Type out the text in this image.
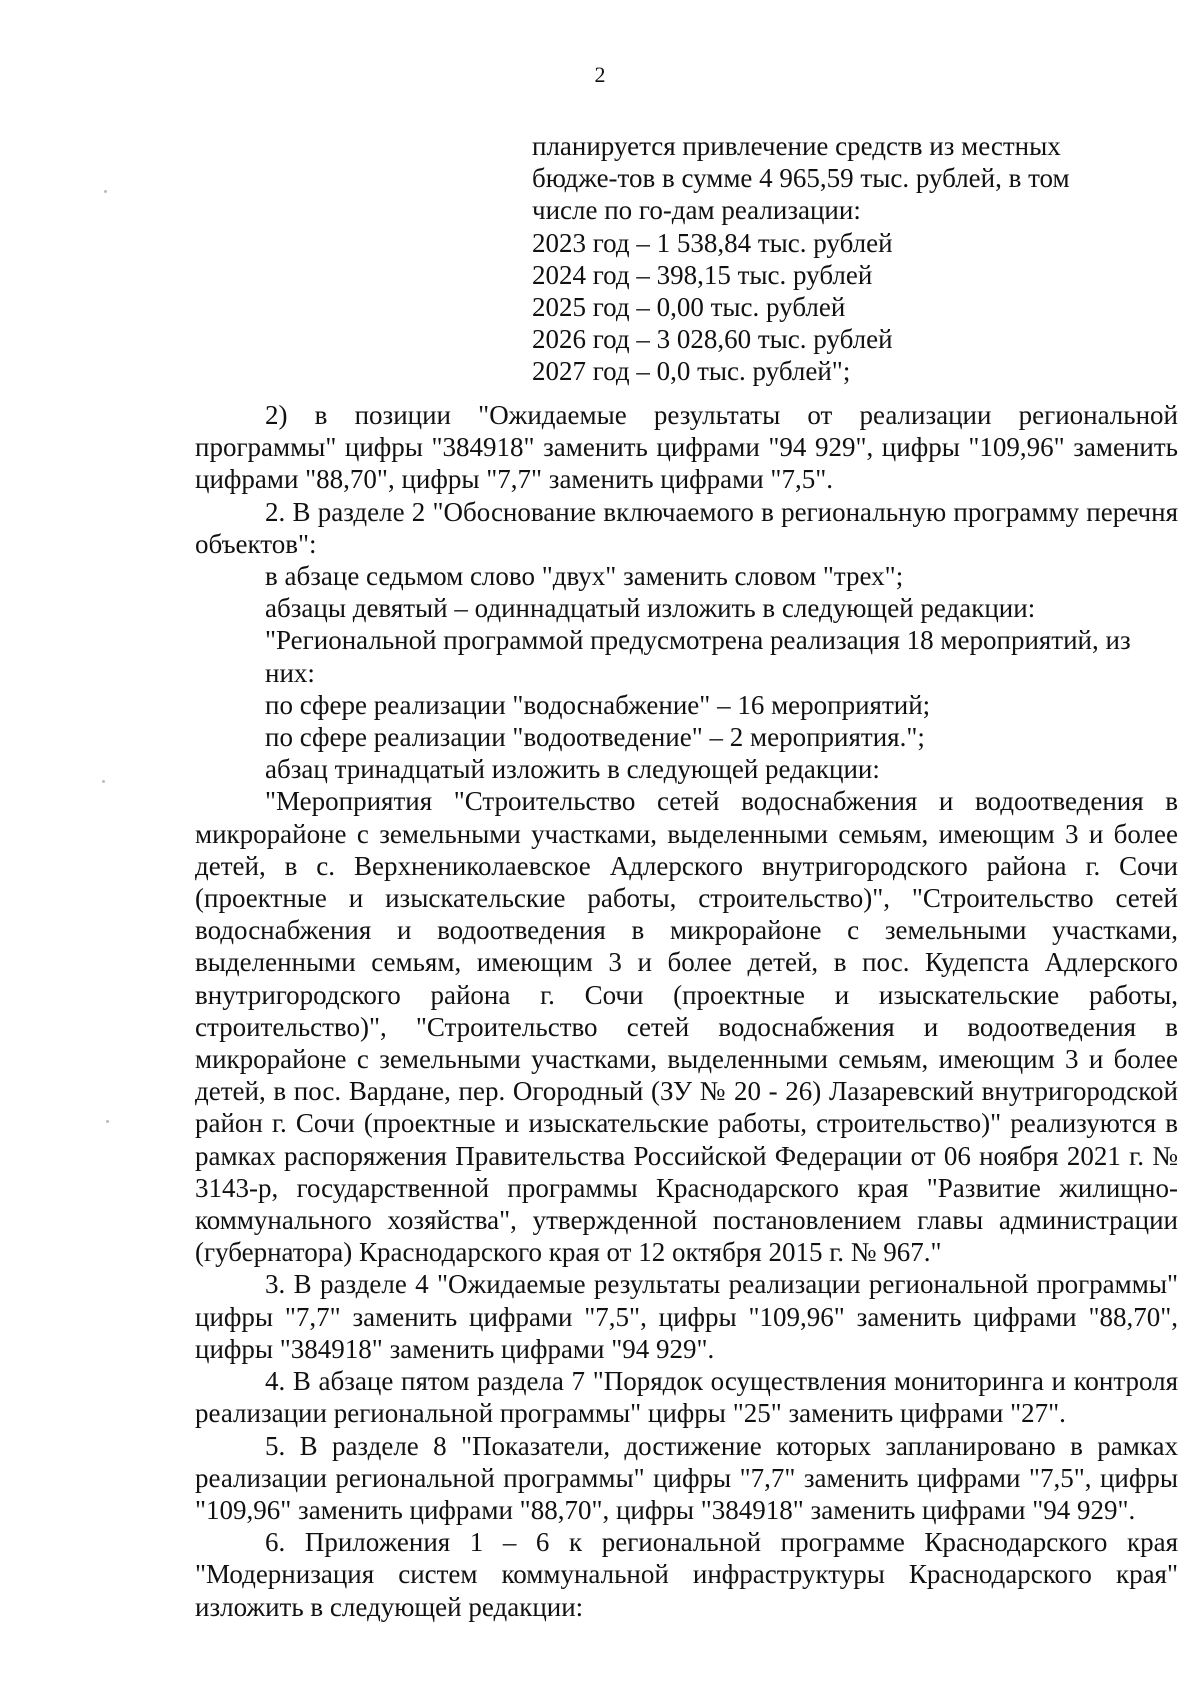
2

планируется привлечение средств из местных бюдже-тов в сумме 4 965,59 тыс. рублей, в том числе по го-дам реализации:

2023 год – 1 538,84 тыс. рублей

2024 год – 398,15 тыс. рублей

2025 год – 0,00 тыс. рублей

2026 год – 3 028,60 тыс. рублей

2027 год – 0,0 тыс. рублей";

2) в позиции "Ожидаемые результаты от реализации региональной программы" цифры "384918" заменить цифрами "94 929", цифры "109,96" заменить цифрами "88,70", цифры "7,7" заменить цифрами "7,5".

2. В разделе 2 "Обоснование включаемого в региональную программу перечня объектов":

в абзаце седьмом слово "двух" заменить словом "трех";

абзацы девятый – одиннадцатый изложить в следующей редакции:

"Региональной программой предусмотрена реализация 18 мероприятий, из них:

по сфере реализации "водоснабжение" – 16 мероприятий;

по сфере реализации "водоотведение" – 2 мероприятия.";

абзац тринадцатый изложить в следующей редакции:

"Мероприятия "Строительство сетей водоснабжения и водоотведения в микрорайоне с земельными участками, выделенными семьям, имеющим 3 и более детей, в с. Верхнениколаевское Адлерского внутригородского района г. Сочи (проектные и изыскательские работы, строительство)", "Строительство сетей водоснабжения и водоотведения в микрорайоне с земельными участками, выделенными семьям, имеющим 3 и более детей, в пос. Кудепста Адлерского внутригородского района г. Сочи (проектные и изыскательские работы, строительство)", "Строительство сетей водоснабжения и водоотведения в микрорайоне с земельными участками, выделенными семьям, имеющим 3 и более детей, в пос. Вардане, пер. Огородный (ЗУ № 20 - 26) Лазаревский внутригородской район г. Сочи (проектные и изыскательские работы, строительство)" реализуются в рамках распоряжения Правительства Российской Федерации от 06 ноября 2021 г. № 3143-р, государственной программы Краснодарского края "Развитие жилищно-коммунального хозяйства", утвержденной постановлением главы администрации (губернатора) Краснодарского края от 12 октября 2015 г. № 967."

3. В разделе 4 "Ожидаемые результаты реализации региональной программы" цифры "7,7" заменить цифрами "7,5", цифры "109,96" заменить цифрами "88,70", цифры "384918" заменить цифрами "94 929".

4. В абзаце пятом раздела 7 "Порядок осуществления мониторинга и контроля реализации региональной программы" цифры "25" заменить цифрами "27".

5. В разделе 8 "Показатели, достижение которых запланировано в рамках реализации региональной программы" цифры "7,7" заменить цифрами "7,5", цифры "109,96" заменить цифрами "88,70", цифры "384918" заменить цифрами "94 929".

6. Приложения 1 – 6 к региональной программе Краснодарского края "Модернизация систем коммунальной инфраструктуры Краснодарского края" изложить в следующей редакции:
